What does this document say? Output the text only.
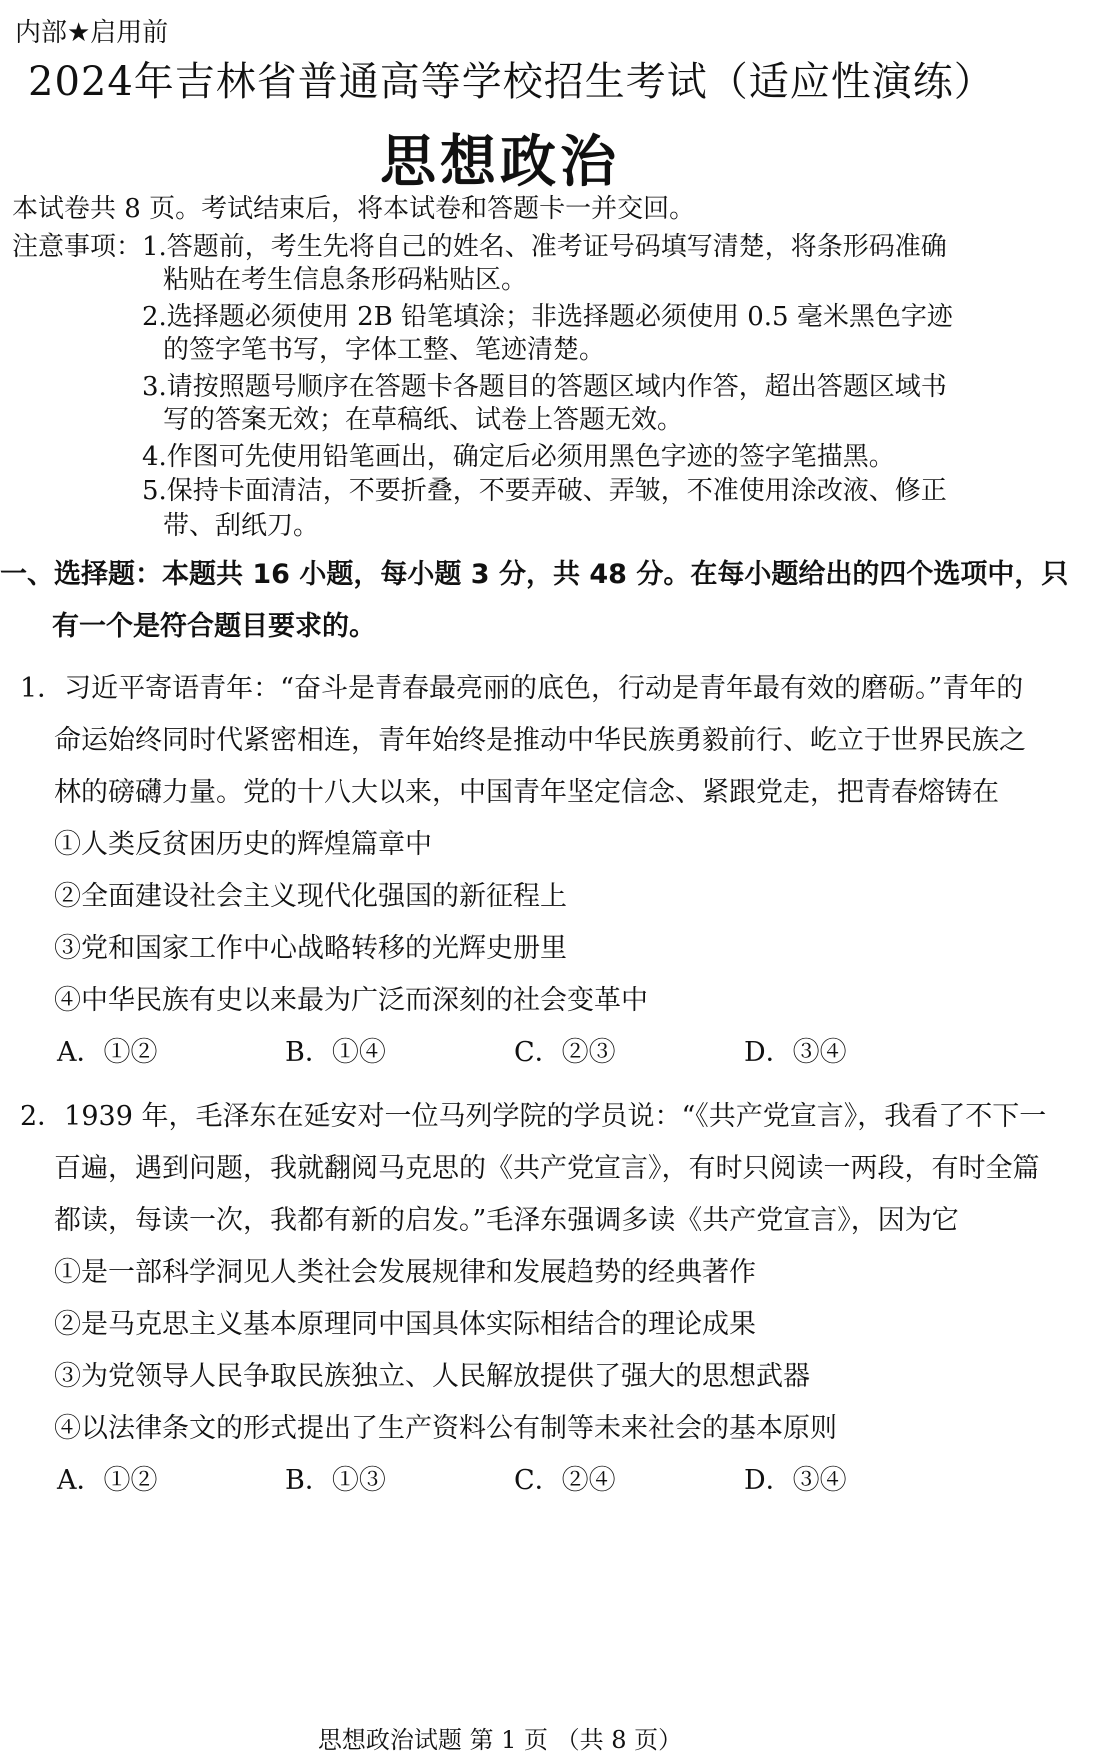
内部★启用前
2024年吉林省普通高等学校招生考试（适应性演练）
思想政治
本试卷共 8 页。考试结束后，将本试卷和答题卡一并交回。
注意事项： 1.答题前，考生先将自己的姓名、准考证号码填写清楚，将条形码准确
粘贴在考生信息条形码粘贴区。
2.选择题必须使用 2B 铅笔填涂；非选择题必须使用 0.5 毫米黑色字迹
的签字笔书写，字体工整、笔迹清楚。
3.请按照题号顺序在答题卡各题目的答题区域内作答，超出答题区域书
写的答案无效；在草稿纸、试卷上答题无效。
4.作图可先使用铅笔画出，确定后必须用黑色字迹的签字笔描黑。
5.保持卡面清洁，不要折叠，不要弄破、弄皱，不准使用涂改液、修正
带、刮纸刀。
一、选择题：本题共 16 小题，每小题 3 分，共 48 分。在每小题给出的四个选项中，只
有一个是符合题目要求的。
1．习近平寄语青年：“奋斗是青春最亮丽的底色，行动是青年最有效的磨砺。”青年的
命运始终同时代紧密相连，青年始终是推动中华民族勇毅前行、屹立于世界民族之
林的磅礴力量。党的十八大以来，中国青年坚定信念、紧跟党走，把青春熔铸在
①人类反贫困历史的辉煌篇章中
②全面建设社会主义现代化强国的新征程上
③党和国家工作中心战略转移的光辉史册里
④中华民族有史以来最为广泛而深刻的社会变革中
A．①②	B．①④	C．②③	D．③④
2．1939 年，毛泽东在延安对一位马列学院的学员说：“《共产党宣言》，我看了不下一
百遍，遇到问题，我就翻阅马克思的《共产党宣言》，有时只阅读一两段，有时全篇
都读，每读一次，我都有新的启发。”毛泽东强调多读《共产党宣言》，因为它
①是一部科学洞见人类社会发展规律和发展趋势的经典著作
②是马克思主义基本原理同中国具体实际相结合的理论成果
③为党领导人民争取民族独立、人民解放提供了强大的思想武器
④以法律条文的形式提出了生产资料公有制等未来社会的基本原则
A．①②	B．①③	C．②④	D．③④
思想政治试题 第 1 页 （共 8 页）
